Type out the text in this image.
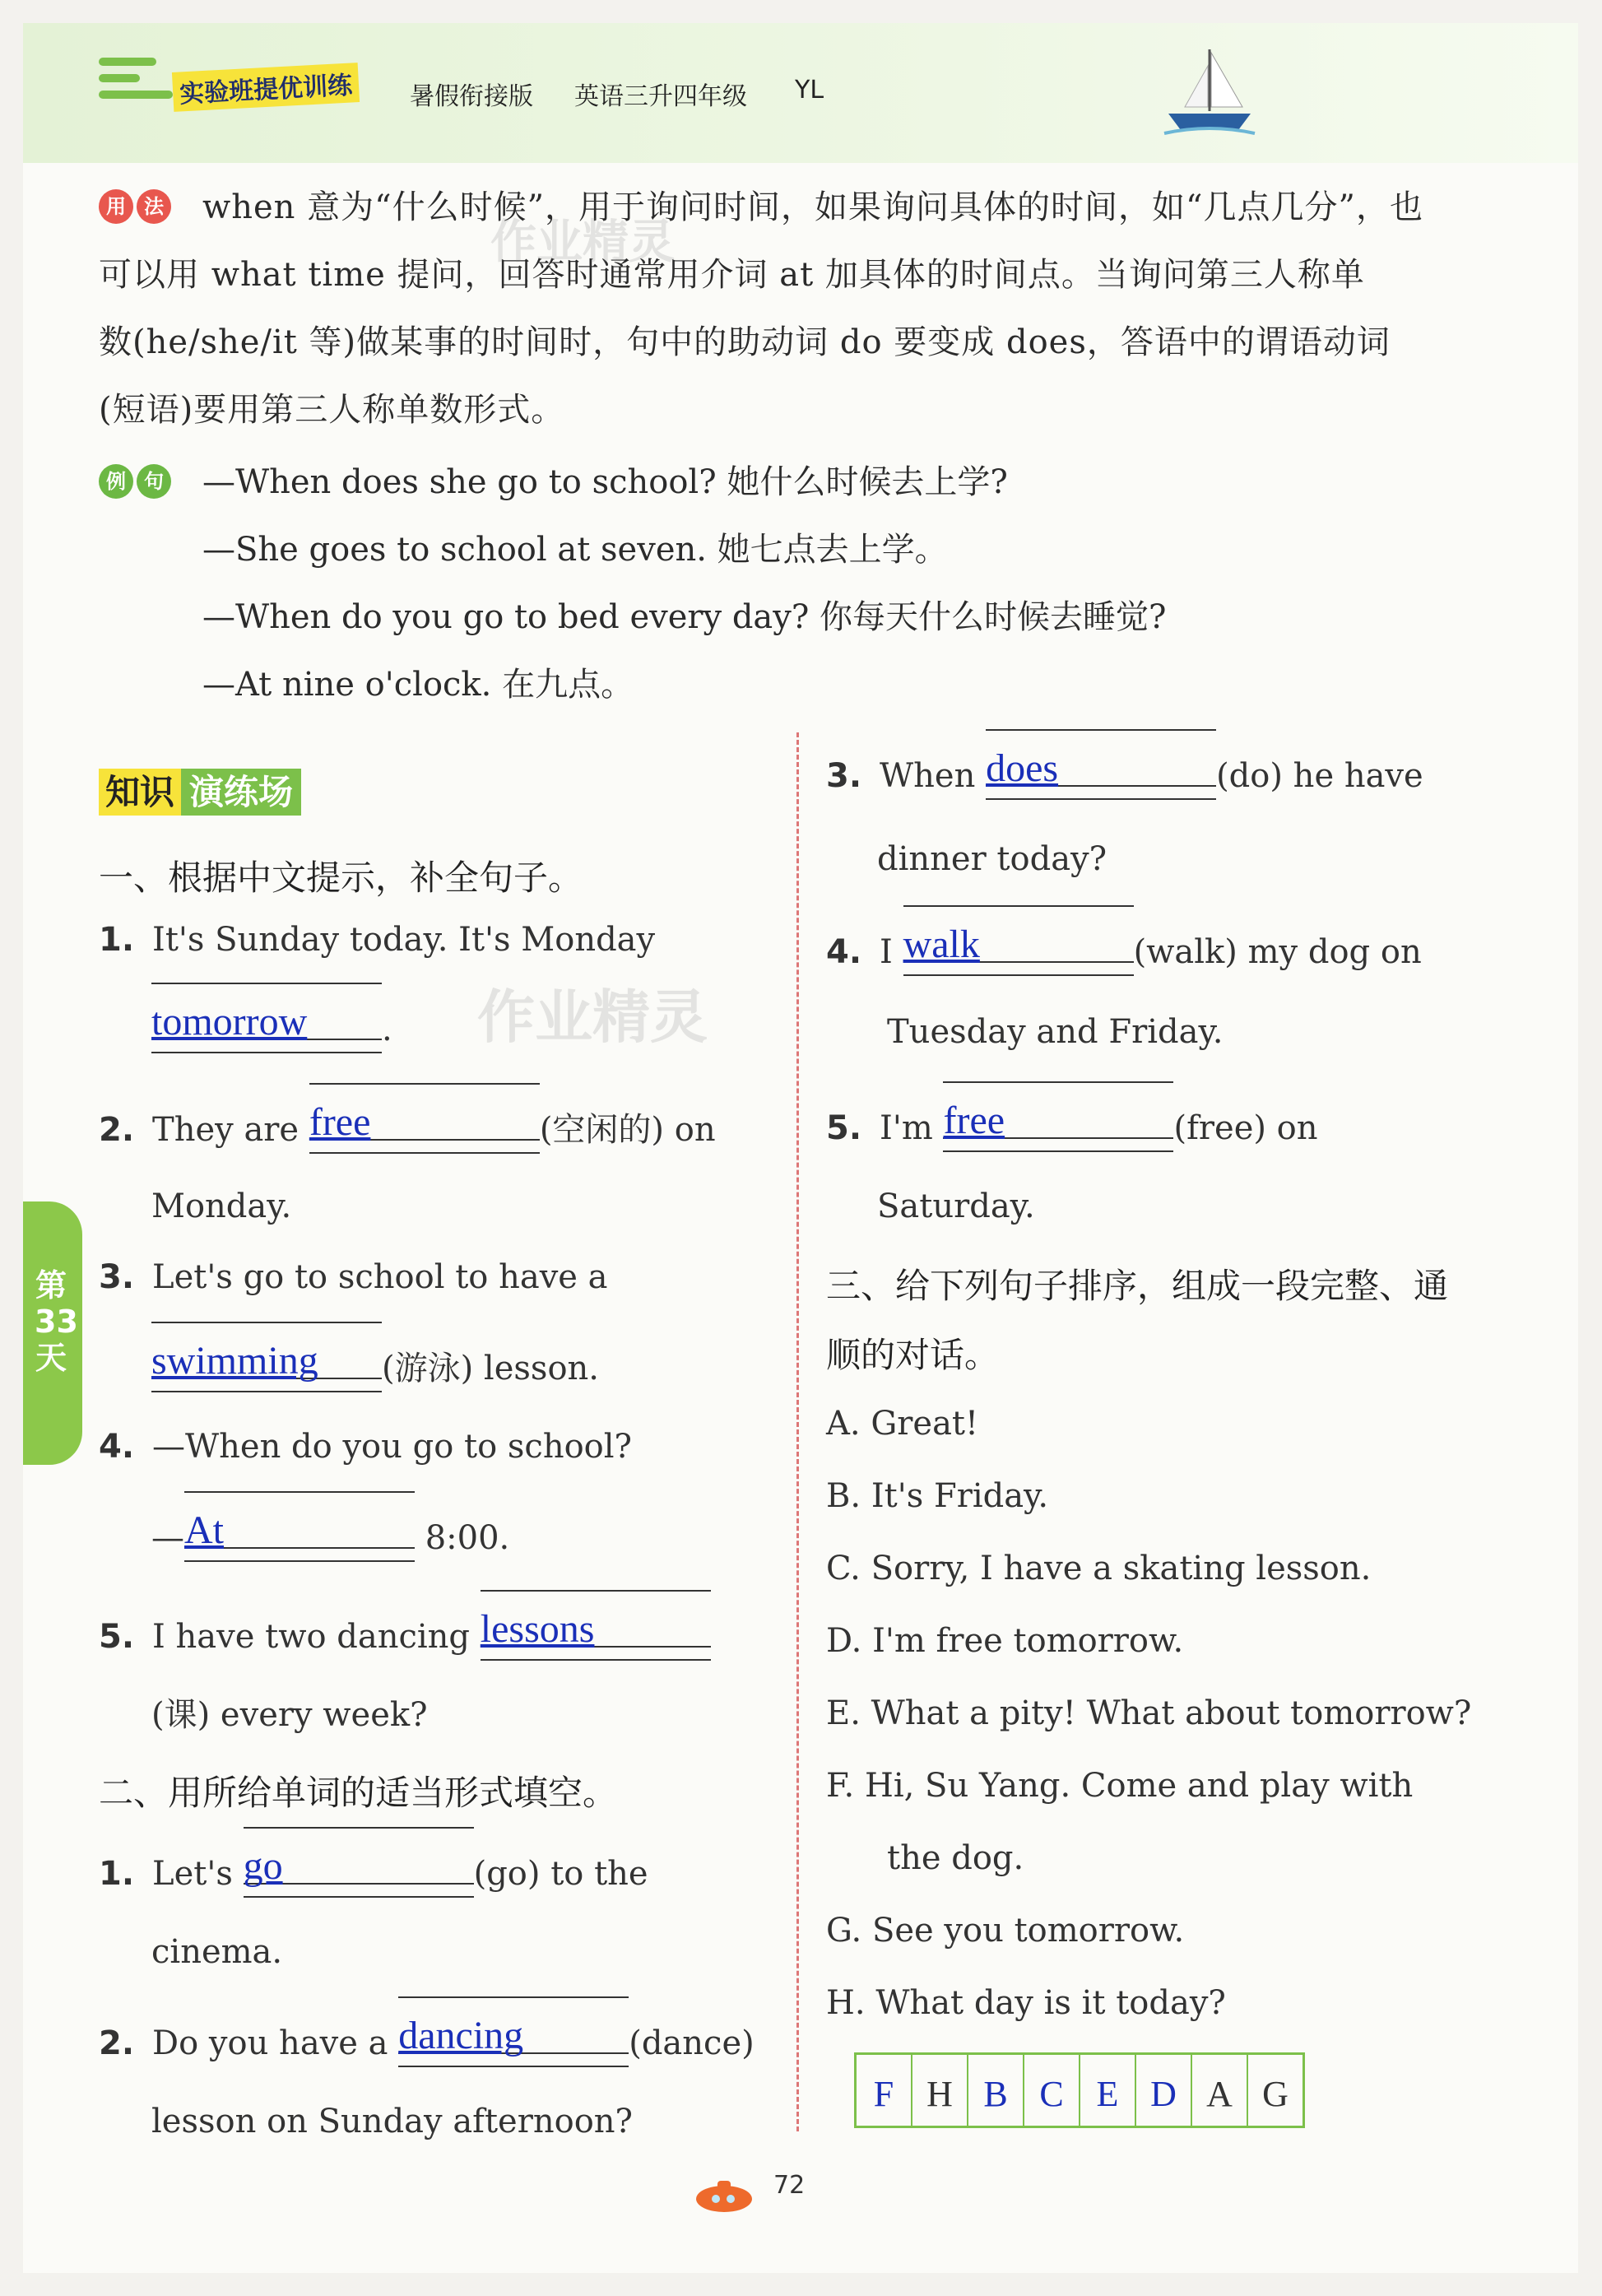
实验班提优训练 暑假衔接版 英语三升四年级 YL
用 法	when 意为“什么时候”，用于询问时间，如果询问具体的时间，如“几点几分”，也
可以用 what time 提问，回答时通常用介词 at 加具体的时间点。当询问第三人称单
数(he/she/it 等)做某事的时间时，句中的助动词 do 要变成 does，答语中的谓语动词
(短语)要用第三人称单数形式。
例 句	—When does she go to school? 她什么时候去上学?
—She goes to school at seven. 她七点去上学。
—When do you go to bed every day? 你每天什么时候去睡觉?
—At nine o'clock. 在九点。
知识 演练场
一、根据中文提示，补全句子。
1. It's Sunday today. It's Monday
tomorrow .
2. They are free	(空闲的) on
Monday.
3. Let's go to school to have a
swimming (游泳) lesson.
4. —When do you go to school?
— At	8:00.
5. I have two dancing lessons
(课) every week?
二、用所给单词的适当形式填空。
1. Let's go	(go) to the
cinema.
2. Do you have a dancing	(dance)
lesson on Sunday afternoon?
3. When does	(do) he have
dinner today?
4. I walk	(walk) my dog on
Tuesday and Friday.
5. I'm free	(free) on
Saturday.
三、给下列句子排序，组成一段完整、通
顺的对话。
A. Great!
B. It's Friday.
C. Sorry, I have a skating lesson.
D. I'm free tomorrow.
E. What a pity! What about tomorrow?
F. Hi, Su Yang. Come and play with
the dog.
G. See you tomorrow.
H. What day is it today?
F H B C E D A G
第33天
作业精灵
作业精灵
72
